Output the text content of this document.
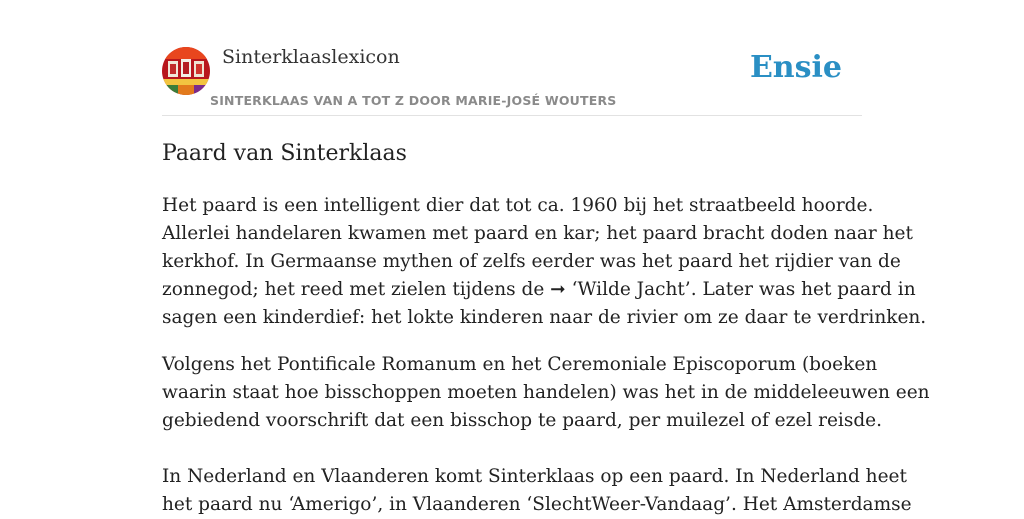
Sinterklaaslexicon
SINTERKLAAS VAN A TOT Z DOOR MARIE-JOSÉ WOUTERS
Ensie
Paard van Sinterklaas

Het paard is een intelligent dier dat tot ca. 1960 bij het straatbeeld hoorde.
Allerlei handelaren kwamen met paard en kar; het paard bracht doden naar het
kerkhof. In Germaanse mythen of zelfs eerder was het paard het rijdier van de
zonnegod; het reed met zielen tijdens de ➞ ‘Wilde Jacht’. Later was het paard in
sagen een kinderdief: het lokte kinderen naar de rivier om ze daar te verdrinken.

Volgens het Pontificale Romanum en het Ceremoniale Episcoporum (boeken
waarin staat hoe bisschoppen moeten handelen) was het in de middeleeuwen een
gebiedend voorschrift dat een bisschop te paard, per muilezel of ezel reisde.

In Nederland en Vlaanderen komt Sinterklaas op een paard. In Nederland heet
het paard nu ‘Amerigo’, in Vlaanderen ‘SlechtWeer-Vandaag’. Het Amsterdamse
